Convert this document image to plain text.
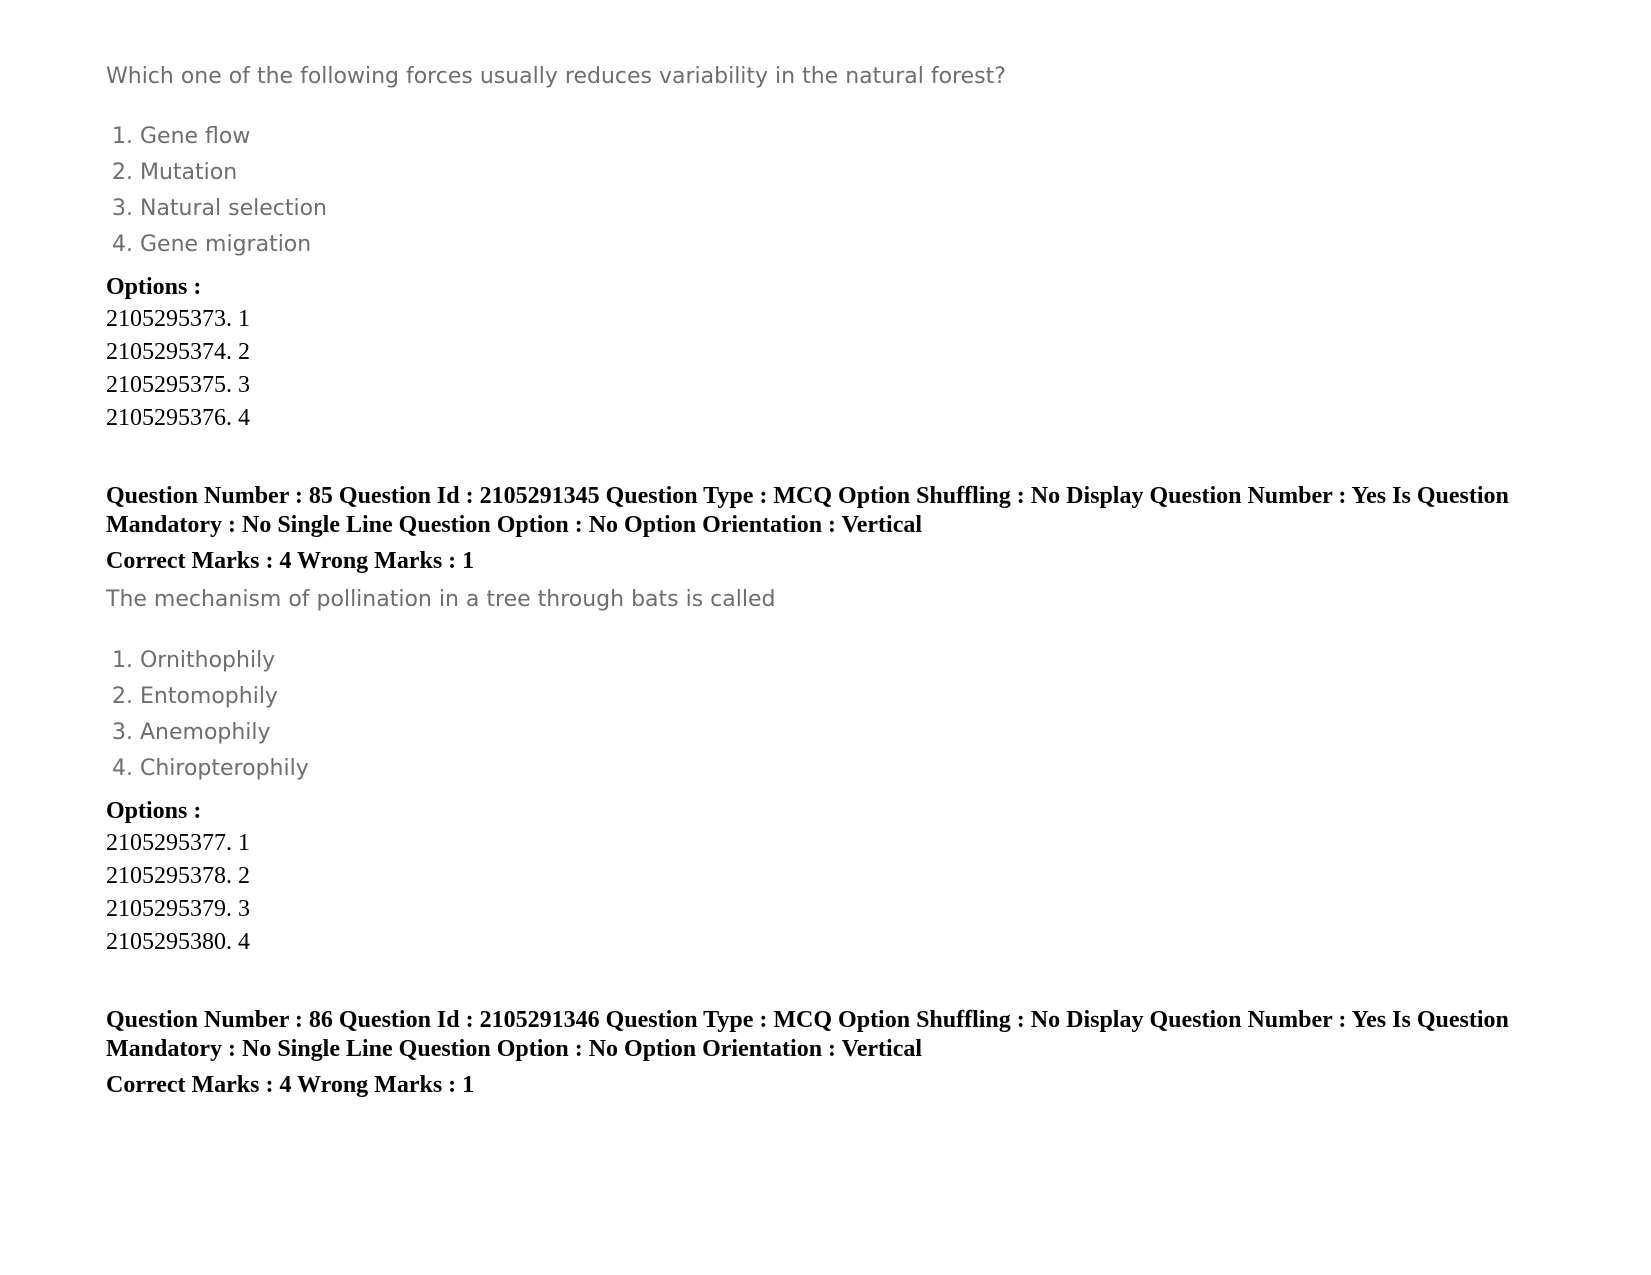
Which one of the following forces usually reduces variability in the natural forest?
1. Gene flow
2. Mutation
3. Natural selection
4. Gene migration
Options :
2105295373. 1
2105295374. 2
2105295375. 3
2105295376. 4
Question Number : 85 Question Id : 2105291345 Question Type : MCQ Option Shuffling : No Display Question Number : Yes Is Question Mandatory : No Single Line Question Option : No Option Orientation : Vertical
Correct Marks : 4 Wrong Marks : 1
The mechanism of pollination in a tree through bats is called
1. Ornithophily
2. Entomophily
3. Anemophily
4. Chiropterophily
Options :
2105295377. 1
2105295378. 2
2105295379. 3
2105295380. 4
Question Number : 86 Question Id : 2105291346 Question Type : MCQ Option Shuffling : No Display Question Number : Yes Is Question Mandatory : No Single Line Question Option : No Option Orientation : Vertical
Correct Marks : 4 Wrong Marks : 1
